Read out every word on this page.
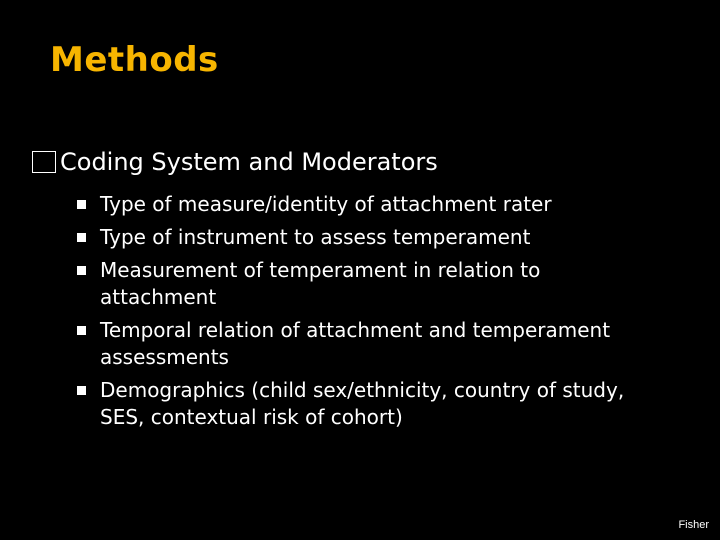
Methods
Coding System and Moderators
Type of measure/identity of attachment rater
Type of instrument to assess temperament
Measurement of temperament in relation to attachment
Temporal relation of attachment and temperament assessments
Demographics (child sex/ethnicity, country of study, SES, contextual risk of cohort)
Fisher
